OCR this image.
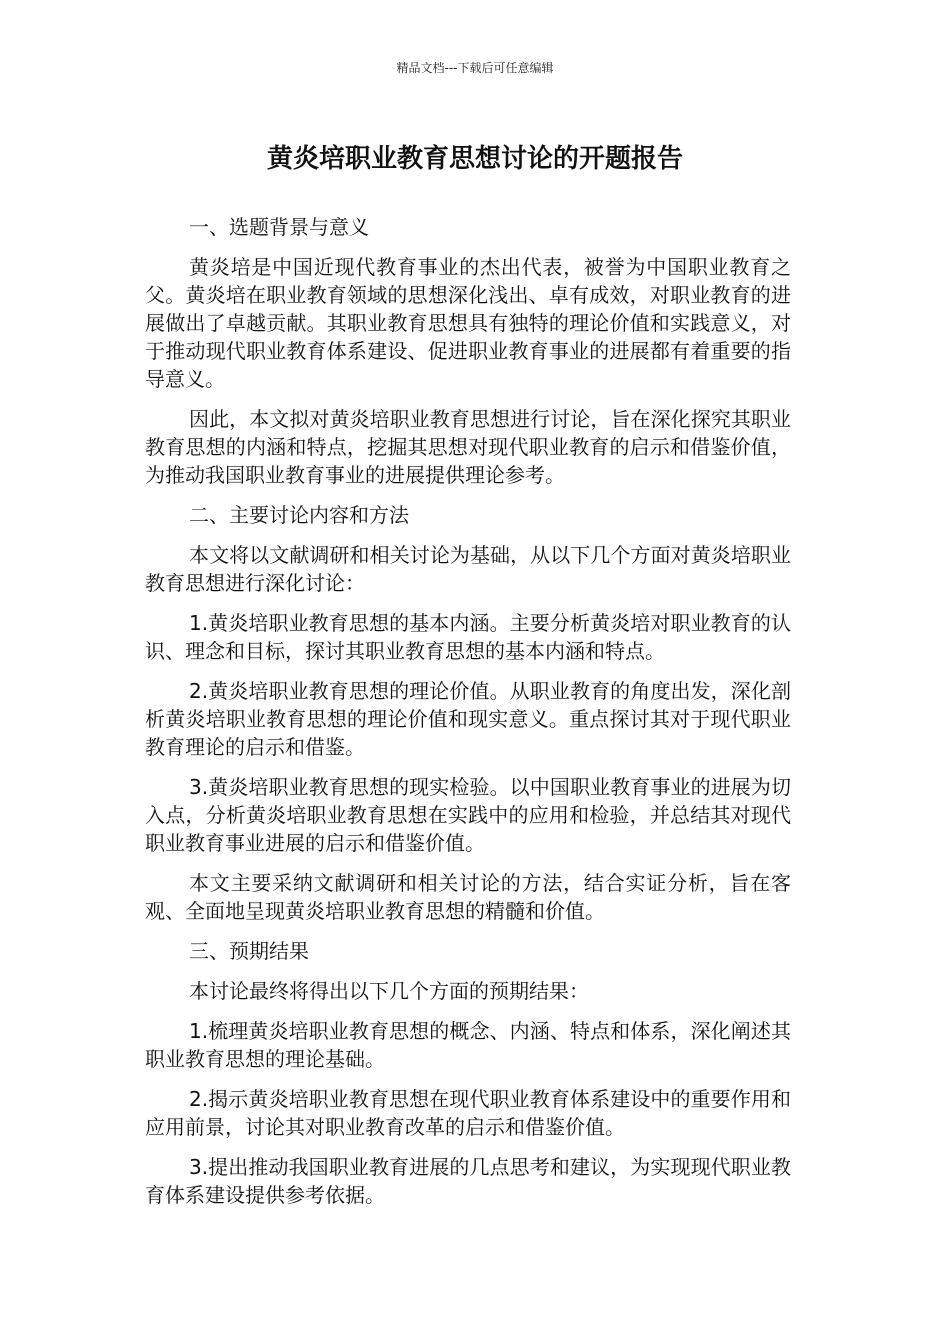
精品文档---下载后可任意编辑
黄炎培职业教育思想讨论的开题报告

一、选题背景与意义

黄炎培是中国近现代教育事业的杰出代表，被誉为中国职业教育之父。黄炎培在职业教育领域的思想深化浅出、卓有成效，对职业教育的进展做出了卓越贡献。其职业教育思想具有独特的理论价值和实践意义，对于推动现代职业教育体系建设、促进职业教育事业的进展都有着重要的指导意义。

因此，本文拟对黄炎培职业教育思想进行讨论，旨在深化探究其职业教育思想的内涵和特点，挖掘其思想对现代职业教育的启示和借鉴价值，为推动我国职业教育事业的进展提供理论参考。

二、主要讨论内容和方法

本文将以文献调研和相关讨论为基础，从以下几个方面对黄炎培职业教育思想进行深化讨论：

1.黄炎培职业教育思想的基本内涵。主要分析黄炎培对职业教育的认识、理念和目标，探讨其职业教育思想的基本内涵和特点。

2.黄炎培职业教育思想的理论价值。从职业教育的角度出发，深化剖析黄炎培职业教育思想的理论价值和现实意义。重点探讨其对于现代职业教育理论的启示和借鉴。

3.黄炎培职业教育思想的现实检验。以中国职业教育事业的进展为切入点，分析黄炎培职业教育思想在实践中的应用和检验，并总结其对现代职业教育事业进展的启示和借鉴价值。

本文主要采纳文献调研和相关讨论的方法，结合实证分析，旨在客观、全面地呈现黄炎培职业教育思想的精髓和价值。

三、预期结果

本讨论最终将得出以下几个方面的预期结果：

1.梳理黄炎培职业教育思想的概念、内涵、特点和体系，深化阐述其职业教育思想的理论基础。

2.揭示黄炎培职业教育思想在现代职业教育体系建设中的重要作用和应用前景，讨论其对职业教育改革的启示和借鉴价值。

3.提出推动我国职业教育进展的几点思考和建议，为实现现代职业教育体系建设提供参考依据。
